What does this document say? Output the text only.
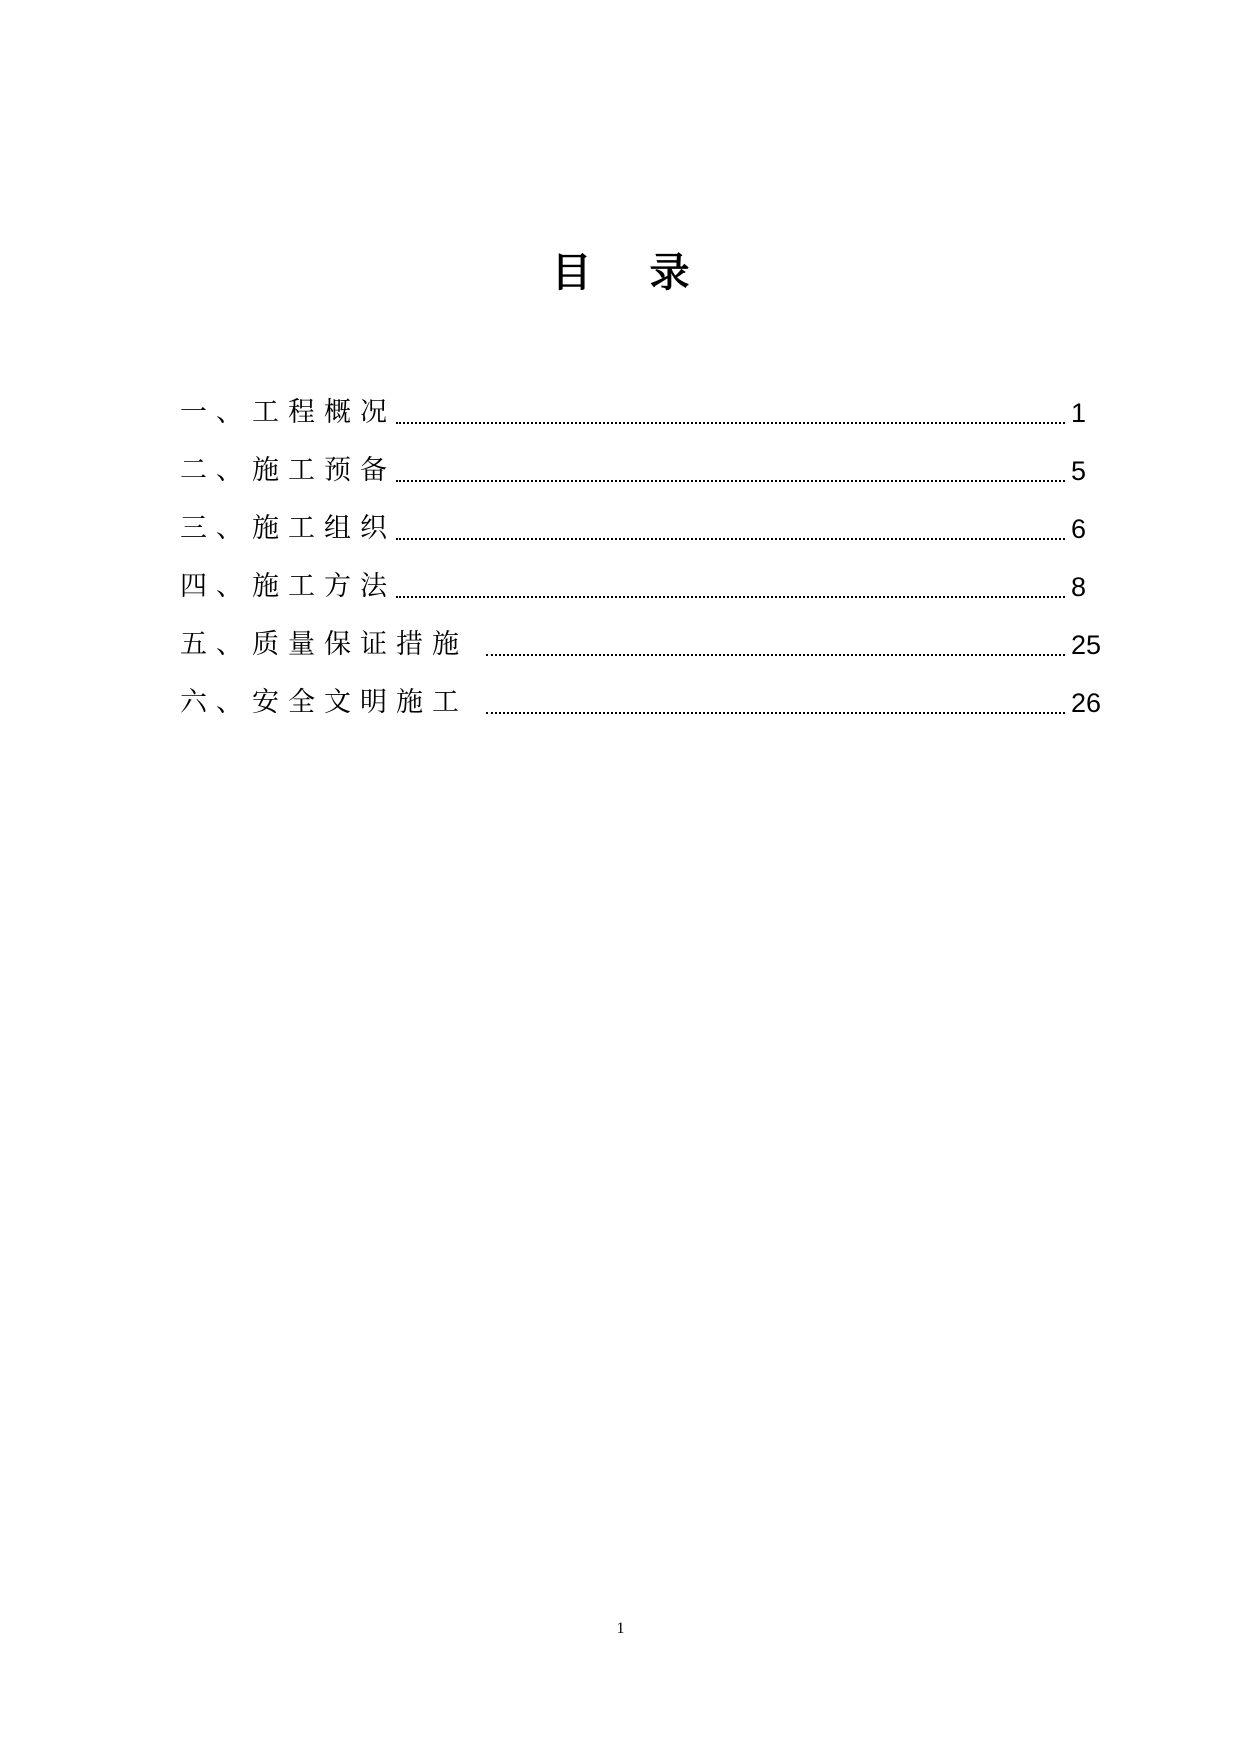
目 录
一、工程概况	1
二、施工预备	5
三、施工组织	6
四、施工方法	8
五、质量保证措施	25
六、安全文明施工	26
1
